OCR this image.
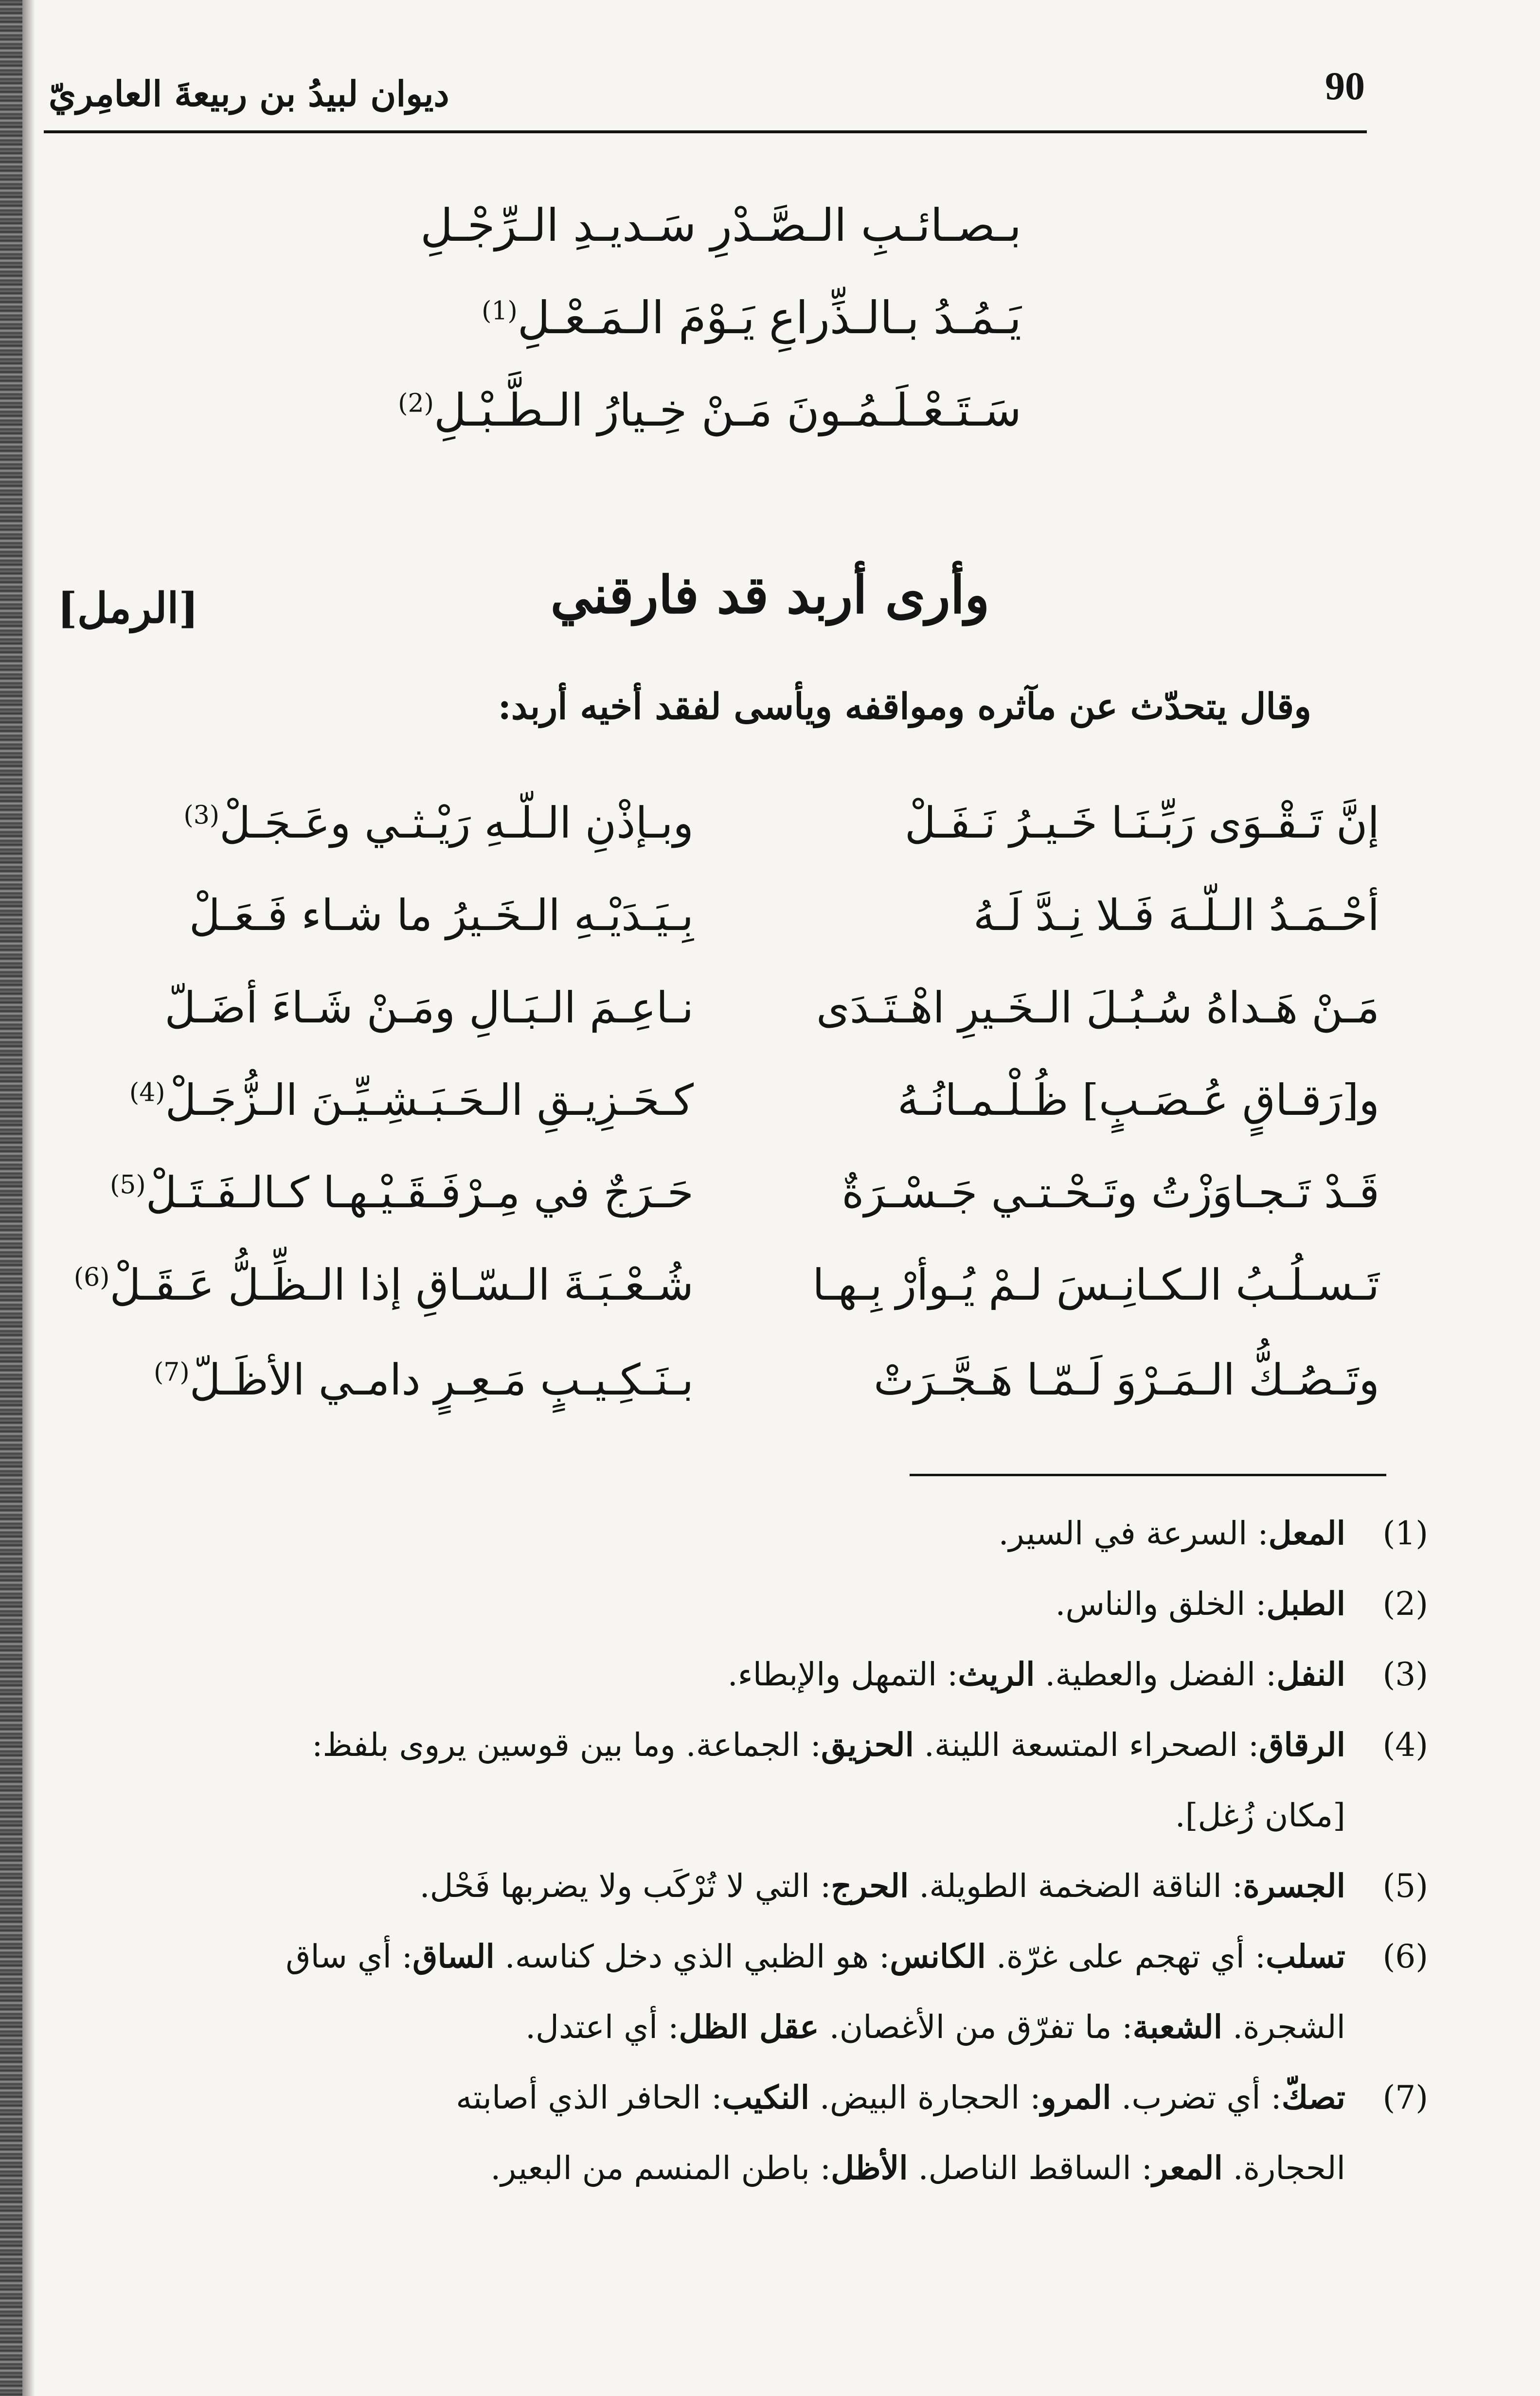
90
ديوان لبيدُ بن ربيعةَ العامِريّ
بـصـائـبِ الـصَّـدْرِ سَـديـدِ الـرِّجْـلِ
يَـمُـدُ بـالـذِّراعِ يَـوْمَ الـمَـعْـلِ$^{(1)}$
سَـتَـعْـلَـمُـونَ مَـنْ خِـيارُ الـطَّـبْـلِ$^{(2)}$
وأرى أربد قد فارقني
[الرمل]
وقال يتحدّث عن مآثره ومواقفه ويأسى لفقد أخيه أربد:
إنَّ تَـقْـوَى رَبِّـنَـا خَـيـرُ نَـفَـلْ
وبـإذْنِ الـلّـهِ رَيْـثـي وعَـجَـلْ$^{(3)}$
أحْـمَـدُ الـلّـهَ فَـلا نِـدَّ لَـهُ
بِـيَـدَيْـهِ الـخَـيرُ ما شـاء فَـعَـلْ
مَـنْ هَـداهُ سُـبُـلَ الـخَـيرِ اهْـتَـدَى
نـاعِـمَ الـبَـالِ ومَـنْ شَـاءَ أضَـلّ
و[رَقـاقٍ عُـصَـبٍ] ظُـلْـمـانُـهُ
كـحَـزِيـقِ الـحَـبَـشِـيِّـنَ الـزُّجَـلْ$^{(4)}$
قَـدْ تَـجـاوَزْتُ وتَـحْـتـي جَـسْـرَةٌ
حَـرَجٌ في مِـرْفَـقَـيْـهـا كـالـفَـتَـلْ$^{(5)}$
تَـسـلُـبُ الـكـانِـسَ لـمْ يُـوأرْ بِـهـا
شُـعْـبَـةَ الـسّـاقِ إذا الـظِّـلُّ عَـقَـلْ$^{(6)}$
وتَـصُـكُّ الـمَـرْوَ لَـمّـا هَـجَّـرَتْ
بـنَـكِـيـبٍ مَـعِـرٍ دامـي الأظَـلّ$^{(7)}$
(1)المعل: السرعة في السير.
(2)الطبل: الخلق والناس.
(3)النفل: الفضل والعطية. الريث: التمهل والإبطاء.
(4)الرقاق: الصحراء المتسعة اللينة. الحزيق: الجماعة. وما بين قوسين يروى بلفظ:
[مكان زُغل].
(5)الجسرة: الناقة الضخمة الطويلة. الحرج: التي لا تُرْكَب ولا يضربها فَحْل.
(6)تسلب: أي تهجم على غرّة. الكانس: هو الظبي الذي دخل كناسه. الساق: أي ساق
الشجرة. الشعبة: ما تفرّق من الأغصان. عقل الظل: أي اعتدل.
(7)تصكّ: أي تضرب. المرو: الحجارة البيض. النكيب: الحافر الذي أصابته
الحجارة. المعر: الساقط الناصل. الأظل: باطن المنسم من البعير.
